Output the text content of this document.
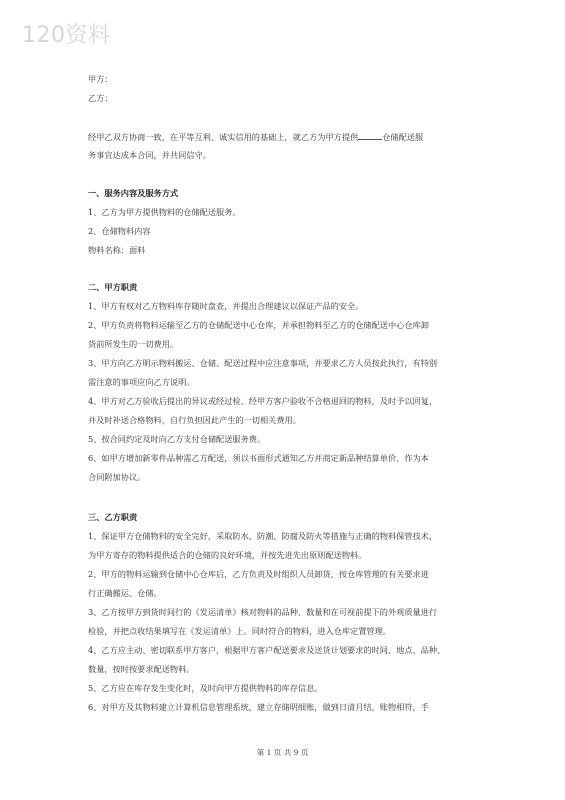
120资料
甲方：
乙方：
经甲乙双方协商一致，在平等互利、诚实信用的基础上，就乙方为甲方提供	仓储配送服
务事宜达成本合同，并共同信守。
一、服务内容及服务方式
1、乙方为甲方提供物料的仓储配送服务。
2、仓储物料内容
物料名称：面料
二、甲方职责
1、甲方有权对乙方物料库存随时盘查，并提出合理建议以保证产品的安全。
2、甲方负责将物料运输至乙方的仓储配送中心仓库，并承担物料至乙方的仓储配送中心仓库卸
货前所发生的一切费用。
3、甲方向乙方明示物料搬运、仓储、配送过程中应注意事项，并要求乙方人员按此执行，有特别
需注意的事项应向乙方说明。
4、甲方对乙方验收后提出的异议或经过检、经甲方客户验收不合格退回的物料，及时予以回复，
并及时补送合格物料，自行负担因此产生的一切相关费用。
5、按合同约定及时向乙方支付仓储配送服务费。
6、如甲方增加新零件品种需乙方配送，须以书面形式通知乙方并商定新品种结算单价、作为本
合同附加协议。
三、乙方职责
1、保证甲方仓储物料的安全完好，采取防水、防潮、防腐及防火等措施与正确的物料保管技术，
为甲方寄存的物料提供适合的仓储的良好环境，并按先进先出原则配送物料。
2、甲方的物料运输到仓储中心仓库后，乙方负责及时组织人员卸货，按仓库管理的有关要求进
行正确搬运、仓储。
3、乙方按甲方到货时间行的《发运清单》核对物料的品种、数量和在可视前提下的外观质量进行
检验，并把点收结果填写在《发运清单》上。同时符合的物料，进入仓库定置管理。
4、乙方应主动、密切联系甲方客户，根据甲方客户配送要求及送货计划要求的时间、地点、品种、
数量，按时按要求配送物料。
5、乙方应在库存发生变化时，及时向甲方提供物料的库存信息。
6、对甲方及其物料建立计算机信息管理系统，建立存储明细账，做到日清月结，账物相符，手
第 1 页 共 9 页
